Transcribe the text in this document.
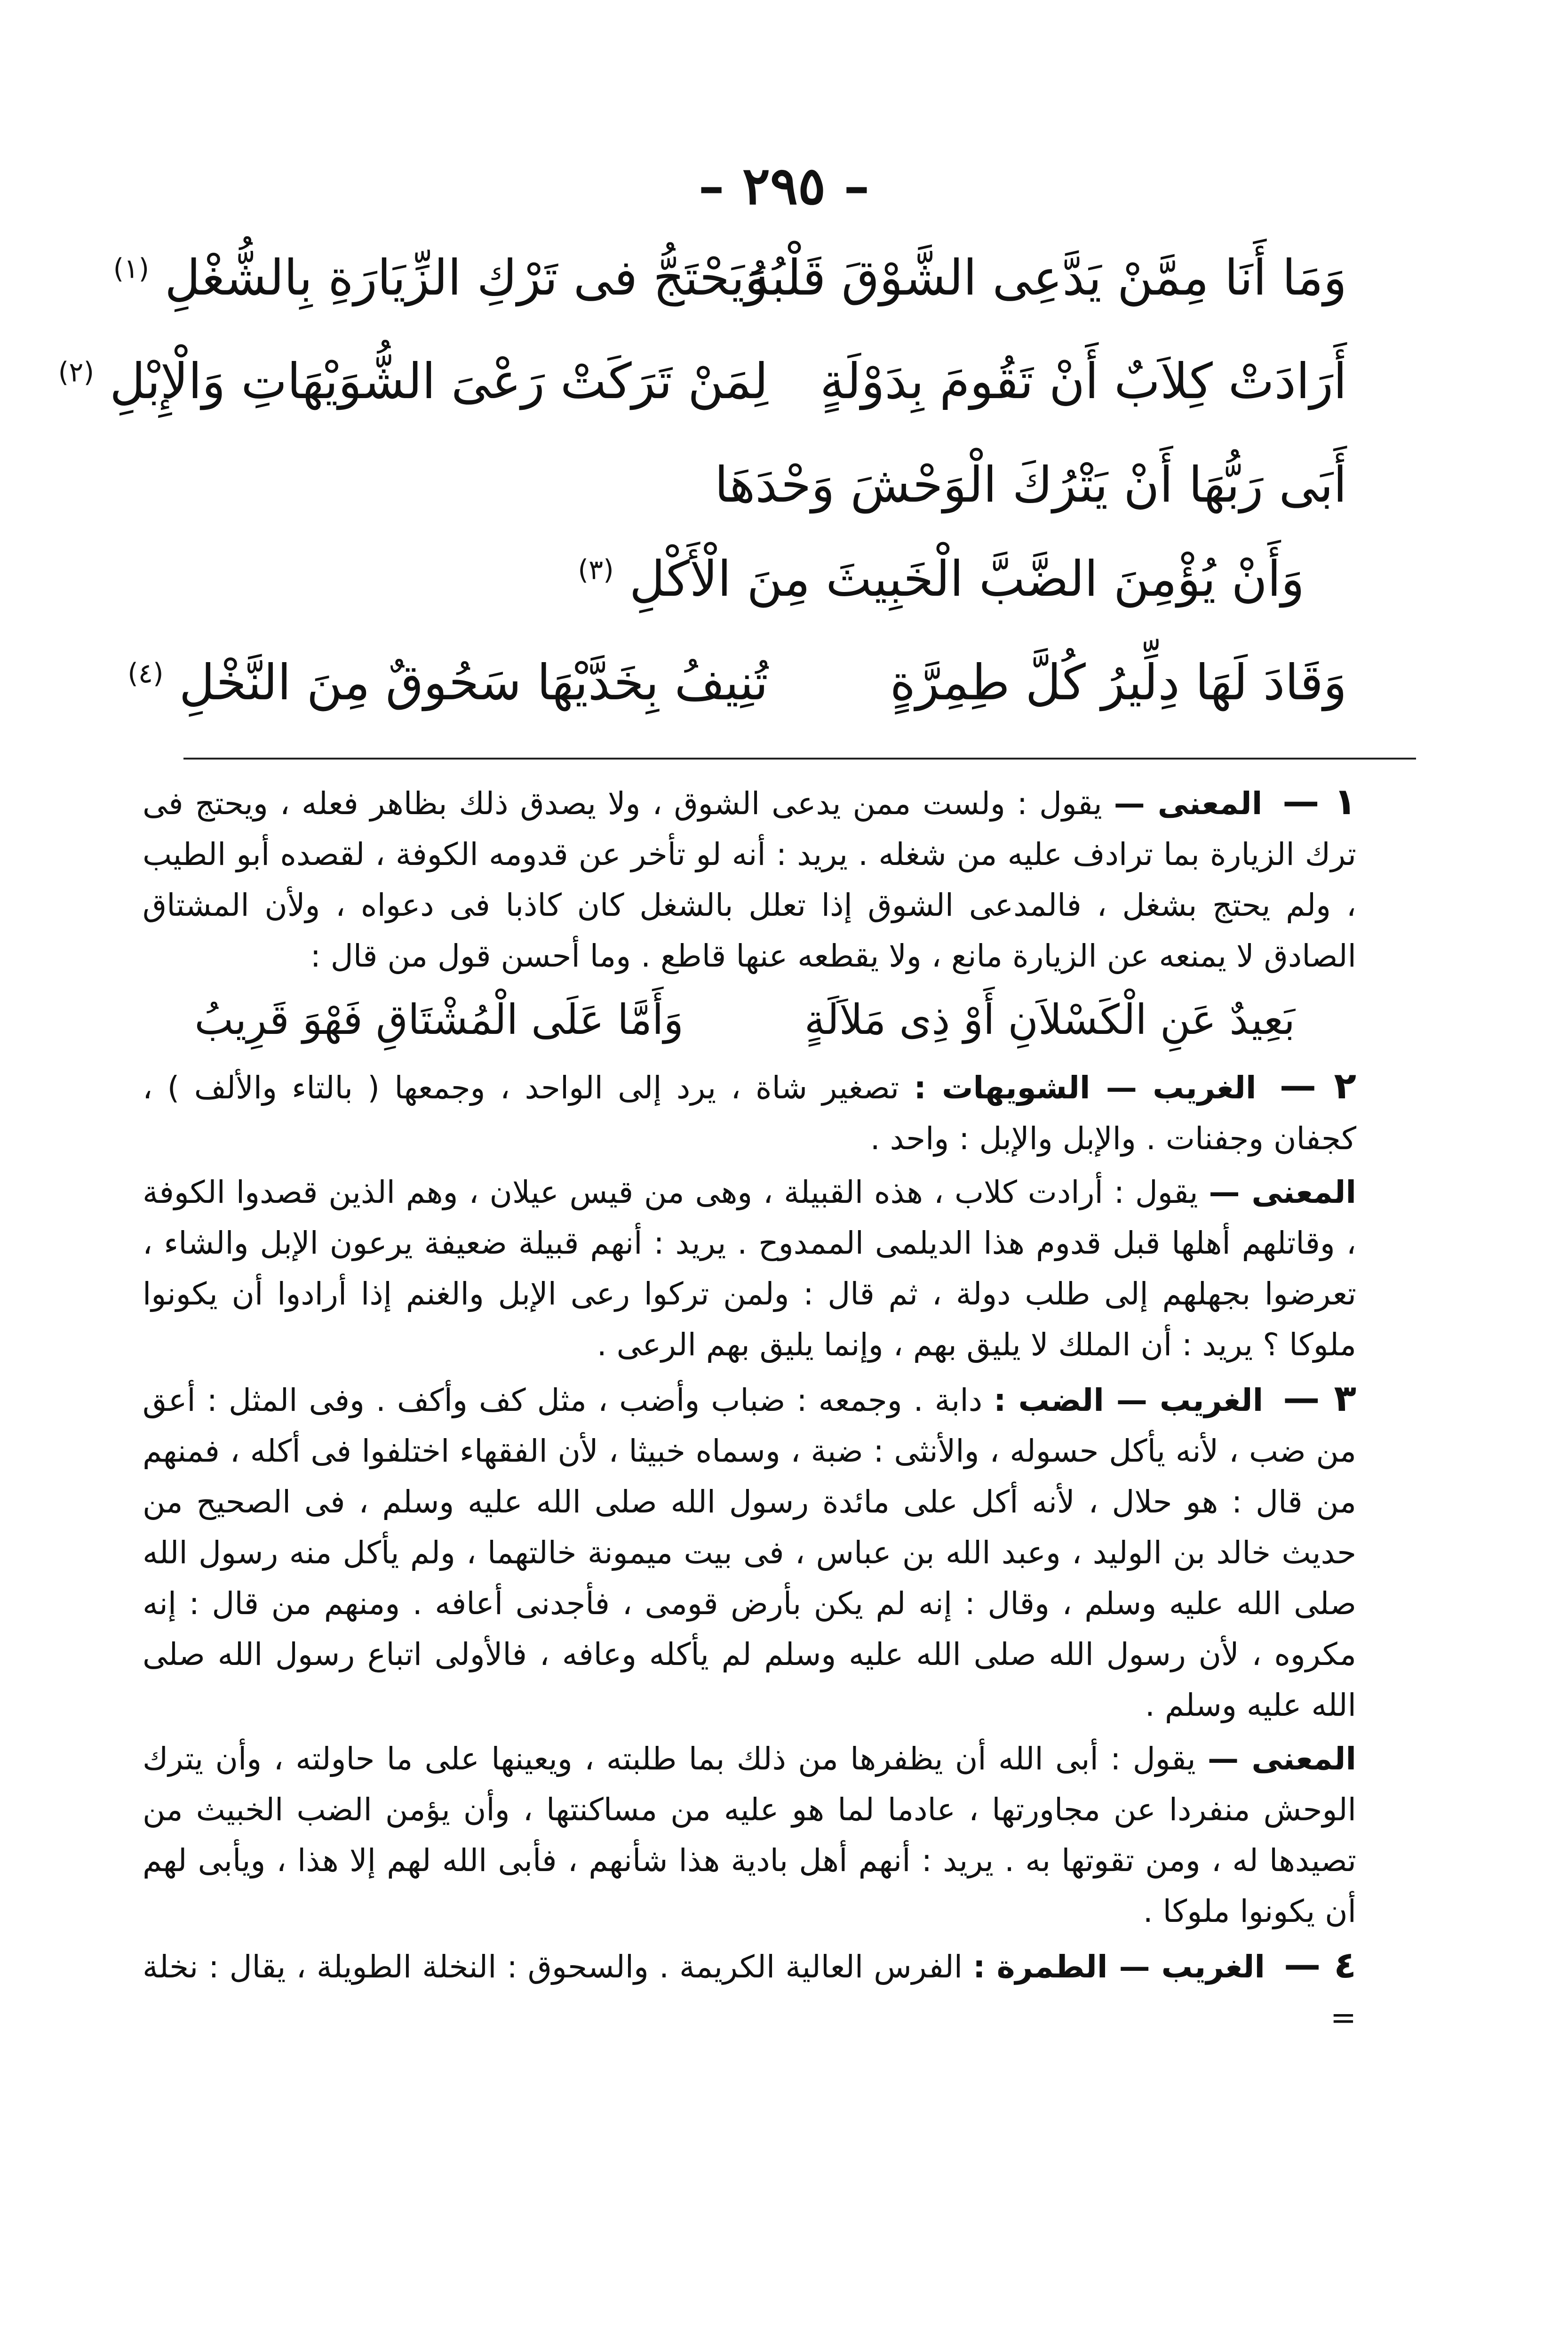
– ٢٩٥ –
وَمَا أَنَا مِمَّنْ يَدَّعِى الشَّوْقَ قَلْبُهُوَيَحْتَجُّ فى تَرْكِ الزِّيَارَةِ بِالشُّغْلِ $^{(١)}$
أَرَادَتْ كِلاَبٌ أَنْ تَقُومَ بِدَوْلَةٍلِمَنْ تَرَكَتْ رَعْىَ الشُّوَيْهَاتِ وَالْإِبْلِ $^{(٢)}$
أَبَى رَبُّهَا أَنْ يَتْرُكَ الْوَحْشَ وَحْدَهَا
وَأَنْ يُؤْمِنَ الضَّبَّ الْخَبِيثَ مِنَ الْأَكْلِ $^{(٣)}$
وَقَادَ لَهَا دِلِّيرُ كُلَّ طِمِرَّةٍتُنِيفُ بِخَدَّيْهَا سَحُوقٌ مِنَ النَّخْلِ $^{(٤)}$
١ — المعنى — يقول : ولست ممن يدعى الشوق ، ولا يصدق ذلك بظاهر فعله ، ويحتج فى ترك الزيارة بما ترادف عليه من شغله . يريد : أنه لو تأخر عن قدومه الكوفة ، لقصده أبو الطيب ، ولم يحتج بشغل ، فالمدعى الشوق إذا تعلل بالشغل كان كاذبا فى دعواه ، ولأن المشتاق الصادق لا يمنعه عن الزيارة مانع ، ولا يقطعه عنها قاطع . وما أحسن قول من قال :
بَعِيدٌ عَنِ الْكَسْلاَنِ أَوْ ذِى مَلاَلَةٍوَأَمَّا عَلَى الْمُشْتَاقِ فَهْوَ قَرِيبُ
٢ — الغريب — الشويهات : تصغير شاة ، يرد إلى الواحد ، وجمعها ( بالتاء والألف ) ، كجفان وجفنات . والإبل والإبل : واحد .
المعنى — يقول : أرادت كلاب ، هذه القبيلة ، وهى من قيس عيلان ، وهم الذين قصدوا الكوفة ، وقاتلهم أهلها قبل قدوم هذا الديلمى الممدوح . يريد : أنهم قبيلة ضعيفة يرعون الإبل والشاء ، تعرضوا بجهلهم إلى طلب دولة ، ثم قال : ولمن تركوا رعى الإبل والغنم إذا أرادوا أن يكونوا ملوكا ؟ يريد : أن الملك لا يليق بهم ، وإنما يليق بهم الرعى .
٣ — الغريب — الضب : دابة . وجمعه : ضباب وأضب ، مثل كف وأكف . وفى المثل : أعق من ضب ، لأنه يأكل حسوله ، والأنثى : ضبة ، وسماه خبيثا ، لأن الفقهاء اختلفوا فى أكله ، فمنهم من قال : هو حلال ، لأنه أكل على مائدة رسول الله صلى الله عليه وسلم ، فى الصحيح من حديث خالد بن الوليد ، وعبد الله بن عباس ، فى بيت ميمونة خالتهما ، ولم يأكل منه رسول الله صلى الله عليه وسلم ، وقال : إنه لم يكن بأرض قومى ، فأجدنى أعافه . ومنهم من قال : إنه مكروه ، لأن رسول الله صلى الله عليه وسلم لم يأكله وعافه ، فالأولى اتباع رسول الله صلى الله عليه وسلم .
المعنى — يقول : أبى الله أن يظفرها من ذلك بما طلبته ، ويعينها على ما حاولته ، وأن يترك الوحش منفردا عن مجاورتها ، عادما لما هو عليه من مساكنتها ، وأن يؤمن الضب الخبيث من تصيدها له ، ومن تقوتها به . يريد : أنهم أهل بادية هذا شأنهم ، فأبى الله لهم إلا هذا ، ويأبى لهم أن يكونوا ملوكا .
٤ — الغريب — الطمرة : الفرس العالية الكريمة . والسحوق : النخلة الطويلة ، يقال : نخلة =
